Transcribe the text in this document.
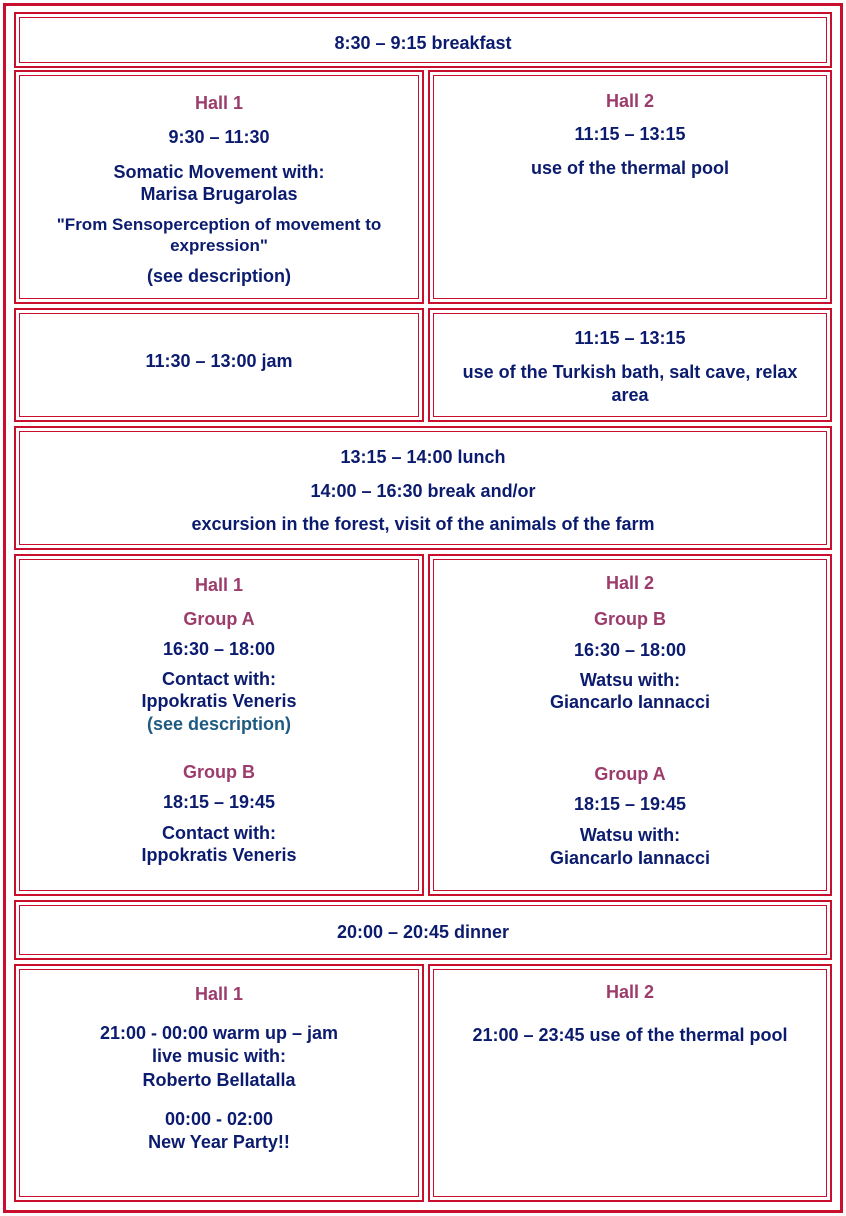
8:30 – 9:15 breakfast
Hall 1
9:30 – 11:30
Somatic Movement with:
Marisa Brugarolas
"From Sensoperception of movement to
expression"
(see description)
Hall 2
11:15 – 13:15
use of the thermal pool
11:30 – 13:00 jam
11:15 – 13:15
use of the Turkish bath, salt cave, relax
area
13:15 – 14:00 lunch
14:00 – 16:30 break and/or
excursion in the forest, visit of the animals of the farm
Hall 1
Group A
16:30 – 18:00
Contact with:
Ippokratis Veneris
(see description)
Group B
18:15 – 19:45
Contact with:
Ippokratis Veneris
Hall 2
Group B
16:30 – 18:00
Watsu with:
Giancarlo Iannacci
Group A
18:15 – 19:45
Watsu with:
Giancarlo Iannacci
20:00 – 20:45 dinner
Hall 1
21:00 - 00:00 warm up – jam
live music with:
Roberto Bellatalla
00:00 - 02:00
New Year Party!!
Hall 2
21:00 – 23:45 use of the thermal pool
